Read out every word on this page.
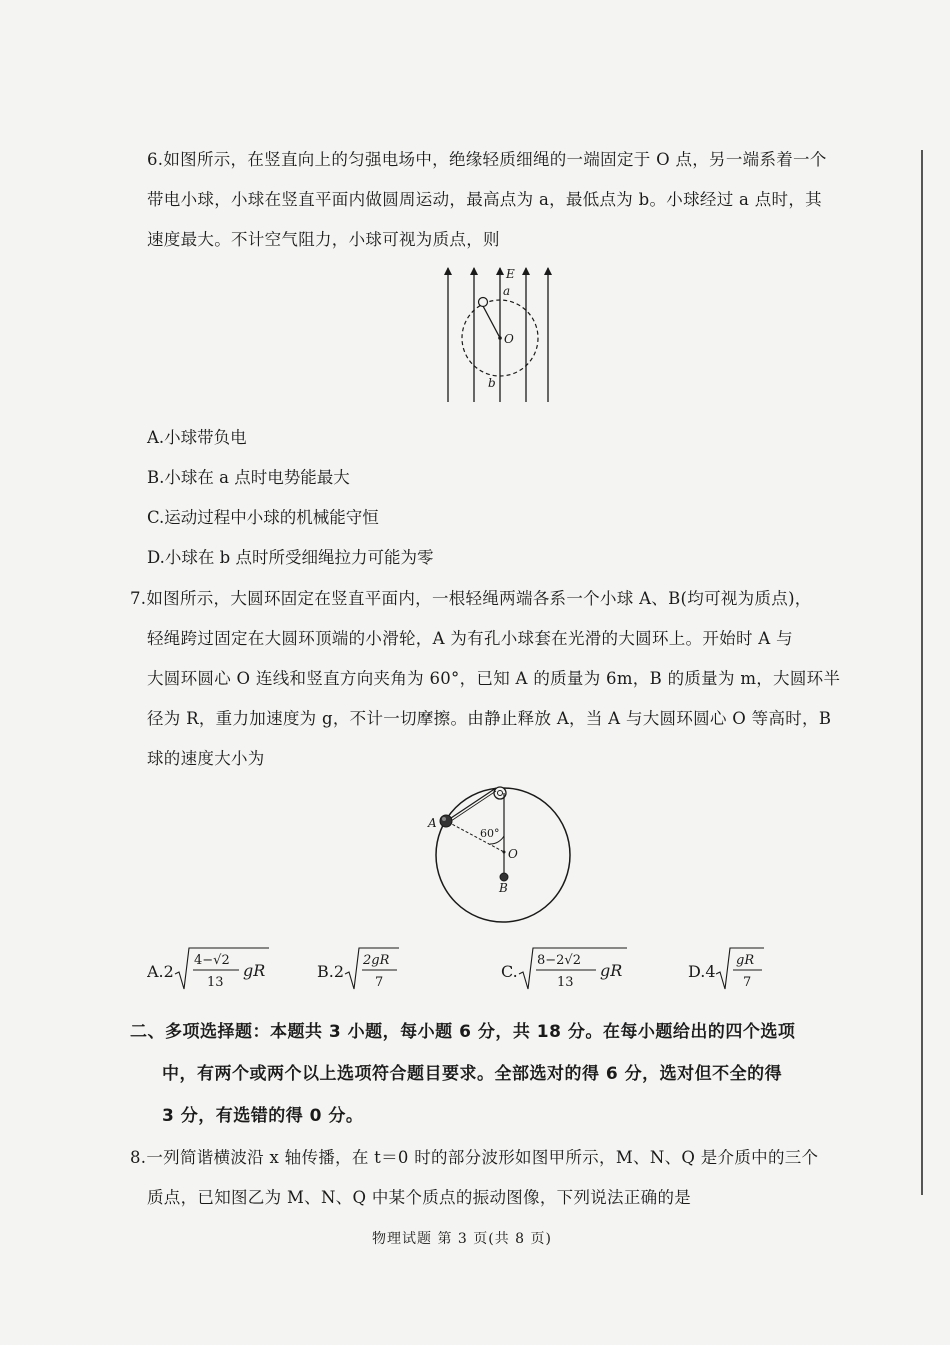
6.如图所示，在竖直向上的匀强电场中，绝缘轻质细绳的一端固定于 O 点，另一端系着一个
带电小球，小球在竖直平面内做圆周运动，最高点为 a，最低点为 b。小球经过 a 点时，其
速度最大。不计空气阻力，小球可视为质点，则
E
a
O
b
A.小球带负电
B.小球在 a 点时电势能最大
C.运动过程中小球的机械能守恒
D.小球在 b 点时所受细绳拉力可能为零
7.如图所示，大圆环固定在竖直平面内，一根轻绳两端各系一个小球 A、B(均可视为质点)，
轻绳跨过固定在大圆环顶端的小滑轮，A 为有孔小球套在光滑的大圆环上。开始时 A 与
大圆环圆心 O 连线和竖直方向夹角为 60°，已知 A 的质量为 6m，B 的质量为 m，大圆环半
径为 R，重力加速度为 g，不计一切摩擦。由静止释放 A，当 A 与大圆环圆心 O 等高时，B
球的速度大小为
A
60°
O
B
A.2
4−√2
13
gR	B.2
2gR
7
C.
8−2√2
13
gR	D.4
gR
7
二、多项选择题：本题共 3 小题，每小题 6 分，共 18 分。在每小题给出的四个选项
中，有两个或两个以上选项符合题目要求。全部选对的得 6 分，选对但不全的得
3 分，有选错的得 0 分。
8.一列简谐横波沿 x 轴传播，在 t＝0 时的部分波形如图甲所示，M、N、Q 是介质中的三个
质点，已知图乙为 M、N、Q 中某个质点的振动图像，下列说法正确的是
物理试题 第 3 页(共 8 页)
